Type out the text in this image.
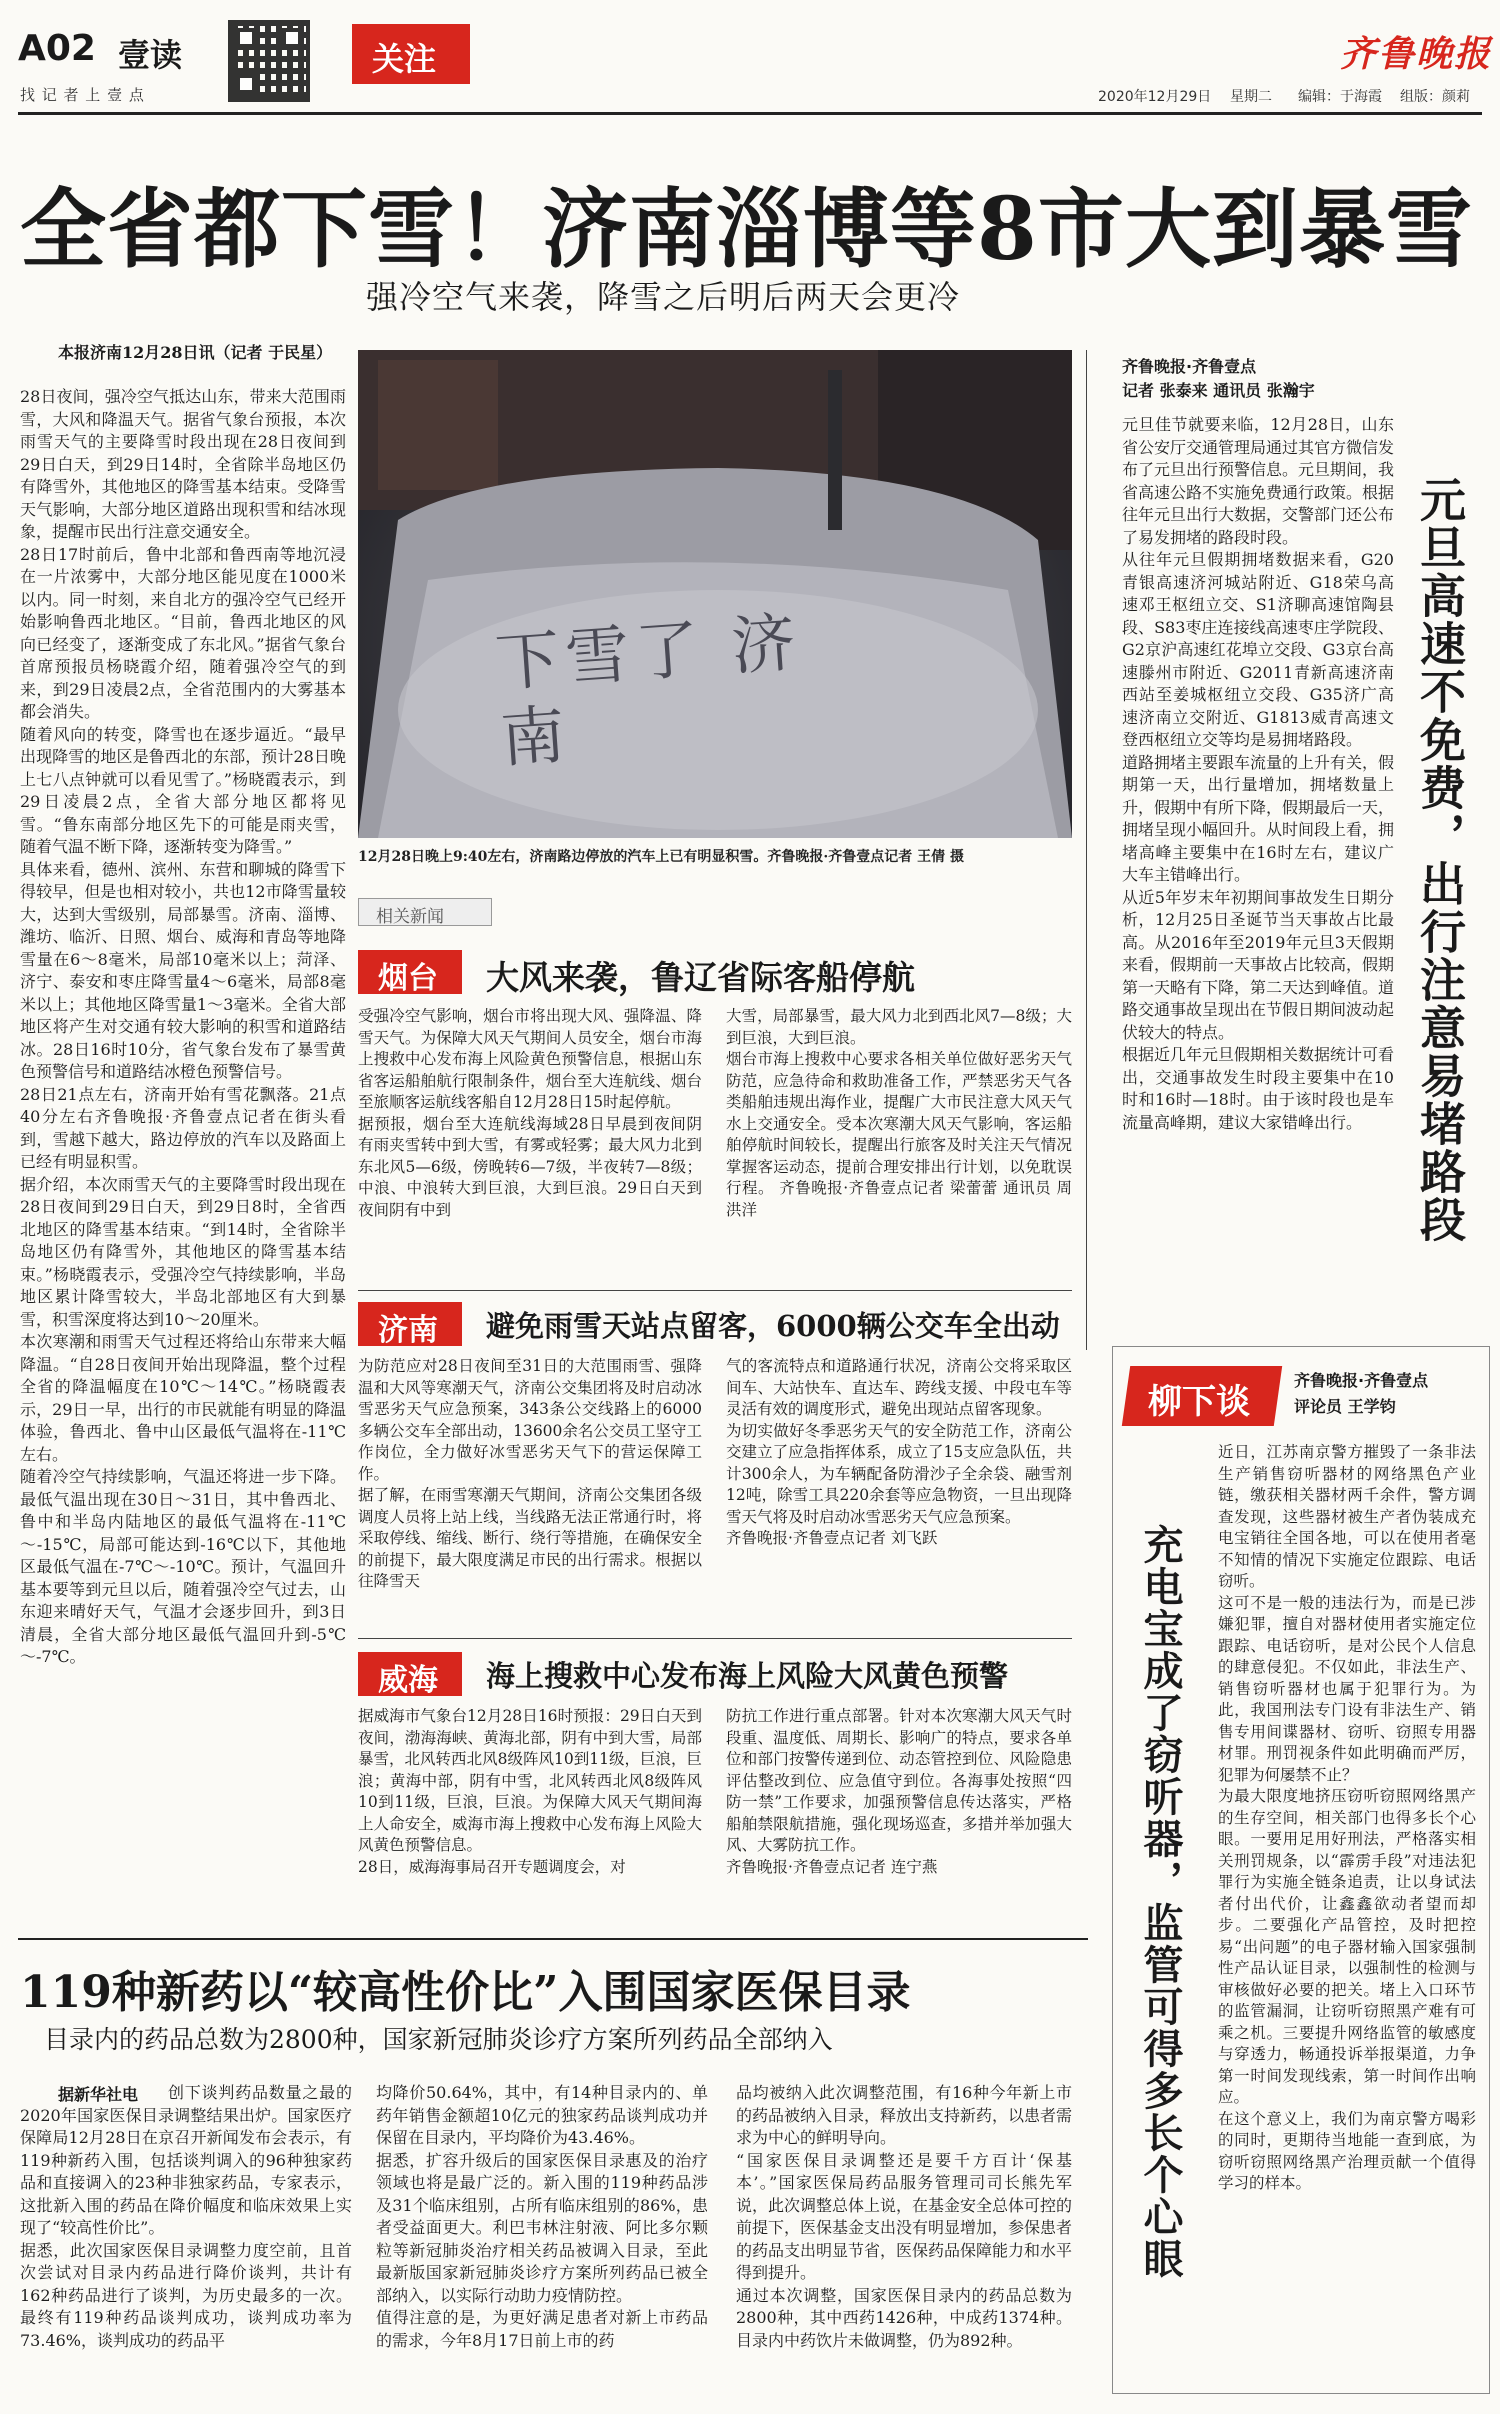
A02 壹读
找 记 者 上 壹 点
关注	齐鲁晚报
2020年12月29日 星期二 编辑：于海霞 组版：颜莉
全省都下雪！济南淄博等8市大到暴雪
强冷空气来袭，降雪之后明后两天会更冷
本报济南12月28日讯（记者 于民星）
28日夜间，强冷空气抵达山东，带来大范围雨雪，大风和降温天气。据省气象台预报，本次雨雪天气的主要降雪时段出现在28日夜间到29日白天，到29日14时，全省除半岛地区仍有降雪外，其他地区的降雪基本结束。受降雪天气影响，大部分地区道路出现积雪和结冰现象，提醒市民出行注意交通安全。
28日17时前后，鲁中北部和鲁西南等地沉浸在一片浓雾中，大部分地区能见度在1000米以内。同一时刻，来自北方的强冷空气已经开始影响鲁西北地区。“目前，鲁西北地区的风向已经变了，逐渐变成了东北风。”据省气象台首席预报员杨晓霞介绍，随着强冷空气的到来，到29日凌晨2点，全省范围内的大雾基本都会消失。
随着风向的转变，降雪也在逐步逼近。“最早出现降雪的地区是鲁西北的东部，预计28日晚上七八点钟就可以看见雪了。”杨晓霞表示，到29日凌晨2点，全省大部分地区都将见雪。“鲁东南部分地区先下的可能是雨夹雪，随着气温不断下降，逐渐转变为降雪。”
具体来看，德州、滨州、东营和聊城的降雪下得较早，但是也相对较小，共也12市降雪量较大，达到大雪级别，局部暴雪。济南、淄博、潍坊、临沂、日照、烟台、威海和青岛等地降雪量在6～8毫米，局部10毫米以上；菏泽、济宁、泰安和枣庄降雪量4～6毫米，局部8毫米以上；其他地区降雪量1～3毫米。全省大部地区将产生对交通有较大影响的积雪和道路结冰。28日16时10分，省气象台发布了暴雪黄色预警信号和道路结冰橙色预警信号。
28日21点左右，济南开始有雪花飘落。21点40分左右齐鲁晚报·齐鲁壹点记者在街头看到，雪越下越大，路边停放的汽车以及路面上已经有明显积雪。
据介绍，本次雨雪天气的主要降雪时段出现在28日夜间到29日白天，到29日8时，全省西北地区的降雪基本结束。“到14时，全省除半岛地区仍有降雪外，其他地区的降雪基本结束。”杨晓霞表示，受强冷空气持续影响，半岛地区累计降雪较大，半岛北部地区有大到暴雪，积雪深度将达到10～20厘米。
本次寒潮和雨雪天气过程还将给山东带来大幅降温。“自28日夜间开始出现降温，整个过程全省的降温幅度在10℃～14℃。”杨晓霞表示，29日一早，出行的市民就能有明显的降温体验，鲁西北、鲁中山区最低气温将在-11℃左右。
随着冷空气持续影响，气温还将进一步下降。最低气温出现在30日～31日，其中鲁西北、鲁中和半岛内陆地区的最低气温将在-11℃～-15℃，局部可能达到-16℃以下，其他地区最低气温在-7℃～-10℃。预计，气温回升基本要等到元旦以后，随着强冷空气过去，山东迎来晴好天气，气温才会逐步回升，到3日清晨，全省大部分地区最低气温回升到-5℃～-7℃。
下雪了 济南
12月28日晚上9:40左右，济南路边停放的汽车上已有明显积雪。齐鲁晚报·齐鲁壹点记者 王倩 摄
相关新闻
烟台 大风来袭，鲁辽省际客船停航
受强冷空气影响，烟台市将出现大风、强降温、降雪天气。为保障大风天气期间人员安全，烟台市海上搜救中心发布海上风险黄色预警信息，根据山东省客运船舶航行限制条件，烟台至大连航线、烟台至旅顺客运航线客船自12月28日15时起停航。
据预报，烟台至大连航线海域28日早晨到夜间阴有雨夹雪转中到大雪，有雾或轻雾；最大风力北到东北风5—6级，傍晚转6—7级，半夜转7—8级；中浪、中浪转大到巨浪，大到巨浪。29日白天到夜间阴有中到
大雪，局部暴雪，最大风力北到西北风7—8级；大到巨浪，大到巨浪。
烟台市海上搜救中心要求各相关单位做好恶劣天气防范，应急待命和救助准备工作，严禁恶劣天气各类船舶违规出海作业，提醒广大市民注意大风天气水上交通安全。受本次寒潮大风天气影响，客运船舶停航时间较长，提醒出行旅客及时关注天气情况掌握客运动态，提前合理安排出行计划，以免耽误行程。 齐鲁晚报·齐鲁壹点记者 梁蕾蕾 通讯员 周洪洋
济南 避免雨雪天站点留客，6000辆公交车全出动
为防范应对28日夜间至31日的大范围雨雪、强降温和大风等寒潮天气，济南公交集团将及时启动冰雪恶劣天气应急预案，343条公交线路上的6000多辆公交车全部出动，13600余名公交员工坚守工作岗位，全力做好冰雪恶劣天气下的营运保障工作。
据了解，在雨雪寒潮天气期间，济南公交集团各级调度人员将上站上线，当线路无法正常通行时，将采取停线、缩线、断行、绕行等措施，在确保安全的前提下，最大限度满足市民的出行需求。根据以往降雪天
气的客流特点和道路通行状况，济南公交将采取区间车、大站快车、直达车、跨线支援、中段屯车等灵活有效的调度形式，避免出现站点留客现象。
为切实做好冬季恶劣天气的安全防范工作，济南公交建立了应急指挥体系，成立了15支应急队伍，共计300余人，为车辆配备防滑沙子全余袋、融雪剂12吨，除雪工具220余套等应急物资，一旦出现降雪天气将及时启动冰雪恶劣天气应急预案。
齐鲁晚报·齐鲁壹点记者 刘飞跃
威海 海上搜救中心发布海上风险大风黄色预警
据威海市气象台12月28日16时预报：29日白天到夜间，渤海海峡、黄海北部，阴有中到大雪，局部暴雪，北风转西北风8级阵风10到11级，巨浪，巨浪；黄海中部，阴有中雪，北风转西北风8级阵风10到11级，巨浪，巨浪。为保障大风天气期间海上人命安全，威海市海上搜救中心发布海上风险大风黄色预警信息。
28日，威海海事局召开专题调度会，对
防抗工作进行重点部署。针对本次寒潮大风天气时段重、温度低、周期长、影响广的特点，要求各单位和部门按警传递到位、动态管控到位、风险隐患评估整改到位、应急值守到位。各海事处按照“四防一禁”工作要求，加强预警信息传达落实，严格船舶禁限航措施，强化现场巡查，多措并举加强大风、大雾防抗工作。
齐鲁晚报·齐鲁壹点记者 连宁燕
齐鲁晚报·齐鲁壹点
记者 张泰来 通讯员 张瀚宇
元旦佳节就要来临，12月28日，山东省公安厅交通管理局通过其官方微信发布了元旦出行预警信息。元旦期间，我省高速公路不实施免费通行政策。根据往年元旦出行大数据，交警部门还公布了易发拥堵的路段时段。
从往年元旦假期拥堵数据来看，G20青银高速济河城站附近、G18荣乌高速邓王枢纽立交、S1济聊高速馆陶县段、S83枣庄连接线高速枣庄学院段、G2京沪高速红花埠立交段、G3京台高速滕州市附近、G2011青新高速济南西站至姜城枢纽立交段、G35济广高速济南立交附近、G1813威青高速文登西枢纽立交等均是易拥堵路段。
道路拥堵主要跟车流量的上升有关，假期第一天，出行量增加，拥堵数量上升，假期中有所下降，假期最后一天，拥堵呈现小幅回升。从时间段上看，拥堵高峰主要集中在16时左右，建议广大车主错峰出行。
从近5年岁末年初期间事故发生日期分析，12月25日圣诞节当天事故占比最高。从2016年至2019年元旦3天假期来看，假期前一天事故占比较高，假期第一天略有下降，第二天达到峰值。道路交通事故呈现出在节假日期间波动起伏较大的特点。
根据近几年元旦假期相关数据统计可看出，交通事故发生时段主要集中在10时和16时—18时。由于该时段也是车流量高峰期，建议大家错峰出行。	元旦高速不免费，出行注意易堵路段
柳下谈
齐鲁晚报·齐鲁壹点
评论员 王学钧
充电宝成了窃听器，监管可得多长个心眼
近日，江苏南京警方摧毁了一条非法生产销售窃听器材的网络黑色产业链，缴获相关器材两千余件，警方调查发现，这些器材被生产者伪装成充电宝销往全国各地，可以在使用者毫不知情的情况下实施定位跟踪、电话窃听。
这可不是一般的违法行为，而是已涉嫌犯罪，擅自对器材使用者实施定位跟踪、电话窃听，是对公民个人信息的肆意侵犯。不仅如此，非法生产、销售窃听器材也属于犯罪行为。为此，我国刑法专门设有非法生产、销售专用间谍器材、窃听、窃照专用器材罪。刑罚视条件如此明确而严厉，犯罪为何屡禁不止？
为最大限度地挤压窃听窃照网络黑产的生存空间，相关部门也得多长个心眼。一要用足用好刑法，严格落实相关刑罚规条，以“霹雳手段”对违法犯罪行为实施全链条追责，让以身试法者付出代价，让鑫鑫欲动者望而却步。二要强化产品管控，及时把控易“出问题”的电子器材输入国家强制性产品认证目录，以强制性的检测与审核做好必要的把关。堵上入口环节的监管漏洞，让窃听窃照黑产难有可乘之机。三要提升网络监管的敏感度与穿透力，畅通投诉举报渠道，力争第一时间发现线索，第一时间作出响应。
在这个意义上，我们为南京警方喝彩的同时，更期待当地能一查到底，为窃听窃照网络黑产治理贡献一个值得学习的样本。
119种新药以“较高性价比”入围国家医保目录
目录内的药品总数为2800种，国家新冠肺炎诊疗方案所列药品全部纳入
据新华社电	创下谈判药品数量之最的2020年国家医保目录调整结果出炉。国家医疗保障局12月28日在京召开新闻发布会表示，有119种新药入围，包括谈判调入的96种独家药品和直接调入的23种非独家药品，专家表示，这批新入围的药品在降价幅度和临床效果上实现了“较高性价比”。
据悉，此次国家医保目录调整力度空前，且首次尝试对目录内药品进行降价谈判，共计有162种药品进行了谈判，为历史最多的一次。最终有119种药品谈判成功，谈判成功率为73.46%，谈判成功的药品平
均降价50.64%，其中，有14种目录内的、单药年销售金额超10亿元的独家药品谈判成功并保留在目录内，平均降价为43.46%。
据悉，扩容升级后的国家医保目录惠及的治疗领域也将是最广泛的。新入围的119种药品涉及31个临床组别，占所有临床组别的86%，患者受益面更大。利巴韦林注射液、阿比多尔颗粒等新冠肺炎治疗相关药品被调入目录，至此最新版国家新冠肺炎诊疗方案所列药品已被全部纳入，以实际行动助力疫情防控。
值得注意的是，为更好满足患者对新上市药品的需求，今年8月17日前上市的药
品均被纳入此次调整范围，有16种今年新上市的药品被纳入目录，释放出支持新药，以患者需求为中心的鲜明导向。
“国家医保目录调整还是要千方百计‘保基本’。”国家医保局药品服务管理司司长熊先军说，此次调整总体上说，在基金安全总体可控的前提下，医保基金支出没有明显增加，参保患者的药品支出明显节省，医保药品保障能力和水平得到提升。
通过本次调整，国家医保目录内的药品总数为2800种，其中西药1426种，中成药1374种。目录内中药饮片未做调整，仍为892种。
